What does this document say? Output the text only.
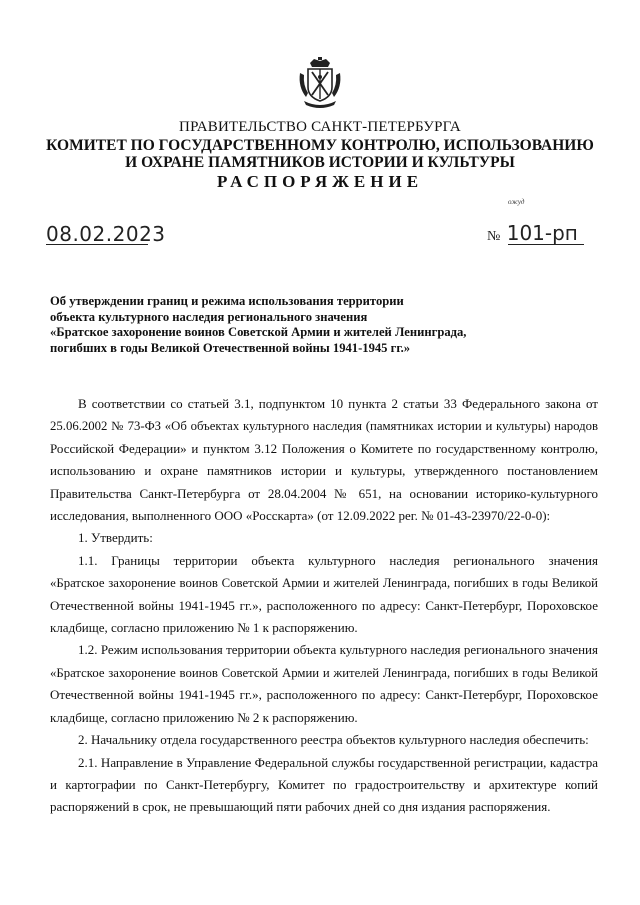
ПРАВИТЕЛЬСТВО САНКТ-ПЕТЕРБУРГА
КОМИТЕТ ПО ГОСУДАРСТВЕННОМУ КОНТРОЛЮ, ИСПОЛЬЗОВАНИЮ
И ОХРАНЕ ПАМЯТНИКОВ ИСТОРИИ И КУЛЬТУРЫ
РАСПОРЯЖЕНИЕ
ожуд
08.02.2023	№ 101-рп
Об утверждении границ и режима использования территории
объекта культурного наследия регионального значения
«Братское захоронение воинов Советской Армии и жителей Ленинграда,
погибших в годы Великой Отечественной войны 1941-1945 гг.»
В соответствии со статьей 3.1, подпунктом 10 пункта 2 статьи 33 Федерального закона от
25.06.2002 № 73-ФЗ «Об объектах культурного наследия (памятниках истории и культуры) народов
Российской Федерации» и пунктом 3.12 Положения о Комитете по государственному контролю,
использованию и охране памятников истории и культуры, утвержденного постановлением
Правительства Санкт-Петербурга от 28.04.2004 № 651, на основании историко-культурного
исследования, выполненного ООО «Росскарта» (от 12.09.2022 рег. № 01-43-23970/22-0-0):
1. Утвердить:
1.1. Границы территории объекта культурного наследия регионального значения
«Братское захоронение воинов Советской Армии и жителей Ленинграда, погибших в годы Великой
Отечественной войны 1941-1945 гг.», расположенного по адресу: Санкт-Петербург, Пороховское
кладбище, согласно приложению № 1 к распоряжению.
1.2. Режим использования территории объекта культурного наследия регионального значения
«Братское захоронение воинов Советской Армии и жителей Ленинграда, погибших в годы Великой
Отечественной войны 1941-1945 гг.», расположенного по адресу: Санкт-Петербург, Пороховское
кладбище, согласно приложению № 2 к распоряжению.
2. Начальнику отдела государственного реестра объектов культурного наследия обеспечить:
2.1. Направление в Управление Федеральной службы государственной регистрации, кадастра
и картографии по Санкт-Петербургу, Комитет по градостроительству и архитектуре копий
распоряжений в срок, не превышающий пяти рабочих дней со дня издания распоряжения.
